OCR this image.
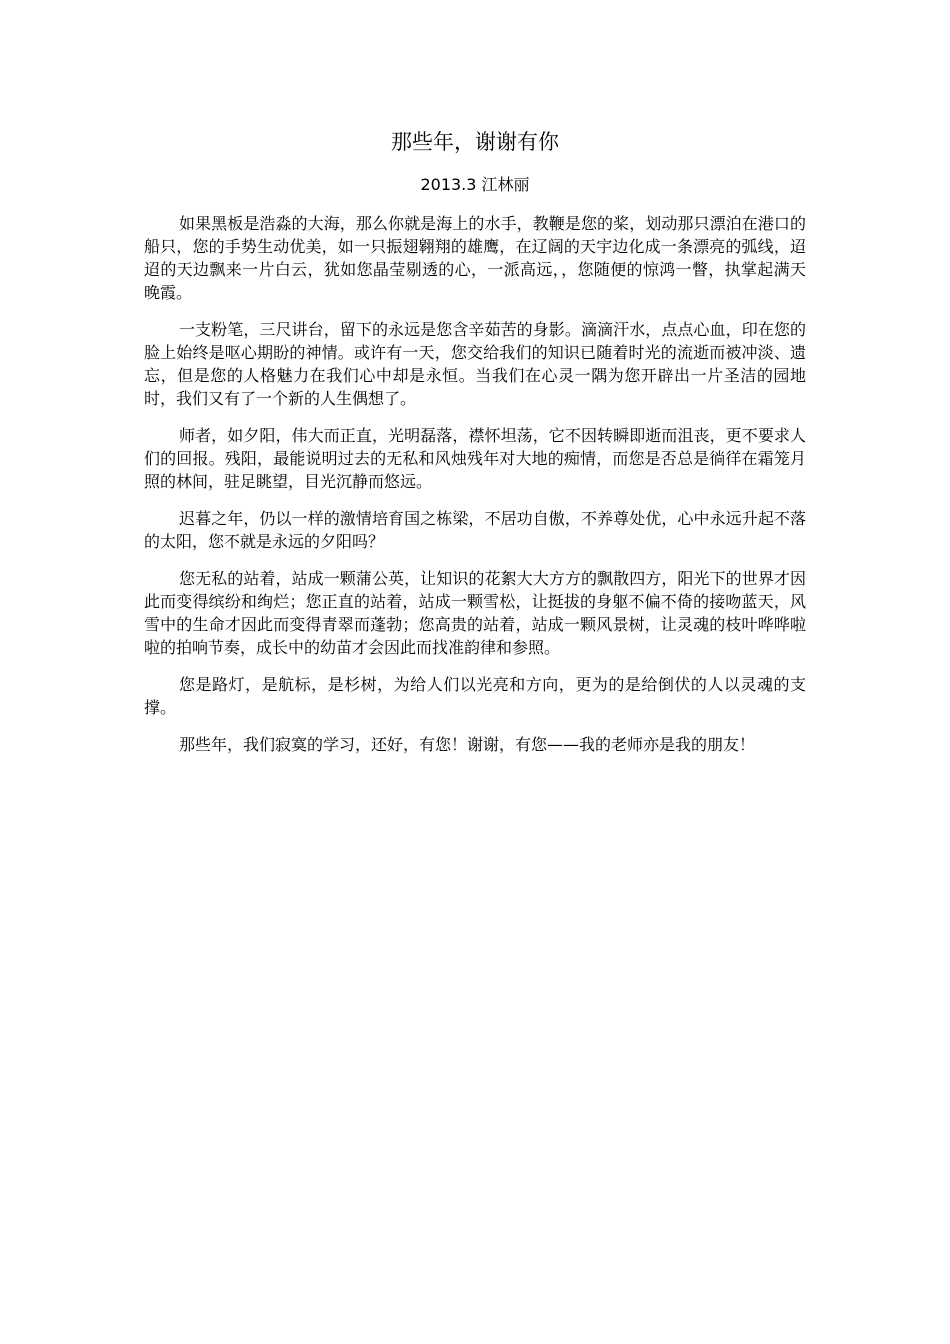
那些年，谢谢有你
2013.3 江林丽

如果黑板是浩淼的大海，那么你就是海上的水手，教鞭是您的桨，划动那只漂泊在港口的船只，您的手势生动优美，如一只振翅翱翔的雄鹰，在辽阔的天宇边化成一条漂亮的弧线，迢迢的天边飘来一片白云，犹如您晶莹剔透的心，一派高远，，您随便的惊鸿一瞥，执掌起满天晚霞。

一支粉笔，三尺讲台，留下的永远是您含辛茹苦的身影。滴滴汗水，点点心血，印在您的脸上始终是呕心期盼的神情。或许有一天，您交给我们的知识已随着时光的流逝而被冲淡、遗忘，但是您的人格魅力在我们心中却是永恒。当我们在心灵一隅为您开辟出一片圣洁的园地时，我们又有了一个新的人生偶想了。

师者，如夕阳，伟大而正直，光明磊落，襟怀坦荡，它不因转瞬即逝而沮丧，更不要求人们的回报。残阳，最能说明过去的无私和风烛残年对大地的痴情，而您是否总是徜徉在霜笼月照的林间，驻足眺望，目光沉静而悠远。

迟暮之年，仍以一样的激情培育国之栋梁，不居功自傲，不养尊处优，心中永远升起不落的太阳，您不就是永远的夕阳吗？

您无私的站着，站成一颗蒲公英，让知识的花絮大大方方的飘散四方，阳光下的世界才因此而变得缤纷和绚烂；您正直的站着，站成一颗雪松，让挺拔的身躯不偏不倚的接吻蓝天，风雪中的生命才因此而变得青翠而蓬勃；您高贵的站着，站成一颗风景树，让灵魂的枝叶哗哗啦啦的拍响节奏，成长中的幼苗才会因此而找准韵律和参照。

您是路灯，是航标，是杉树，为给人们以光亮和方向，更为的是给倒伏的人以灵魂的支撑。

那些年，我们寂寞的学习，还好，有您！谢谢，有您——我的老师亦是我的朋友！
